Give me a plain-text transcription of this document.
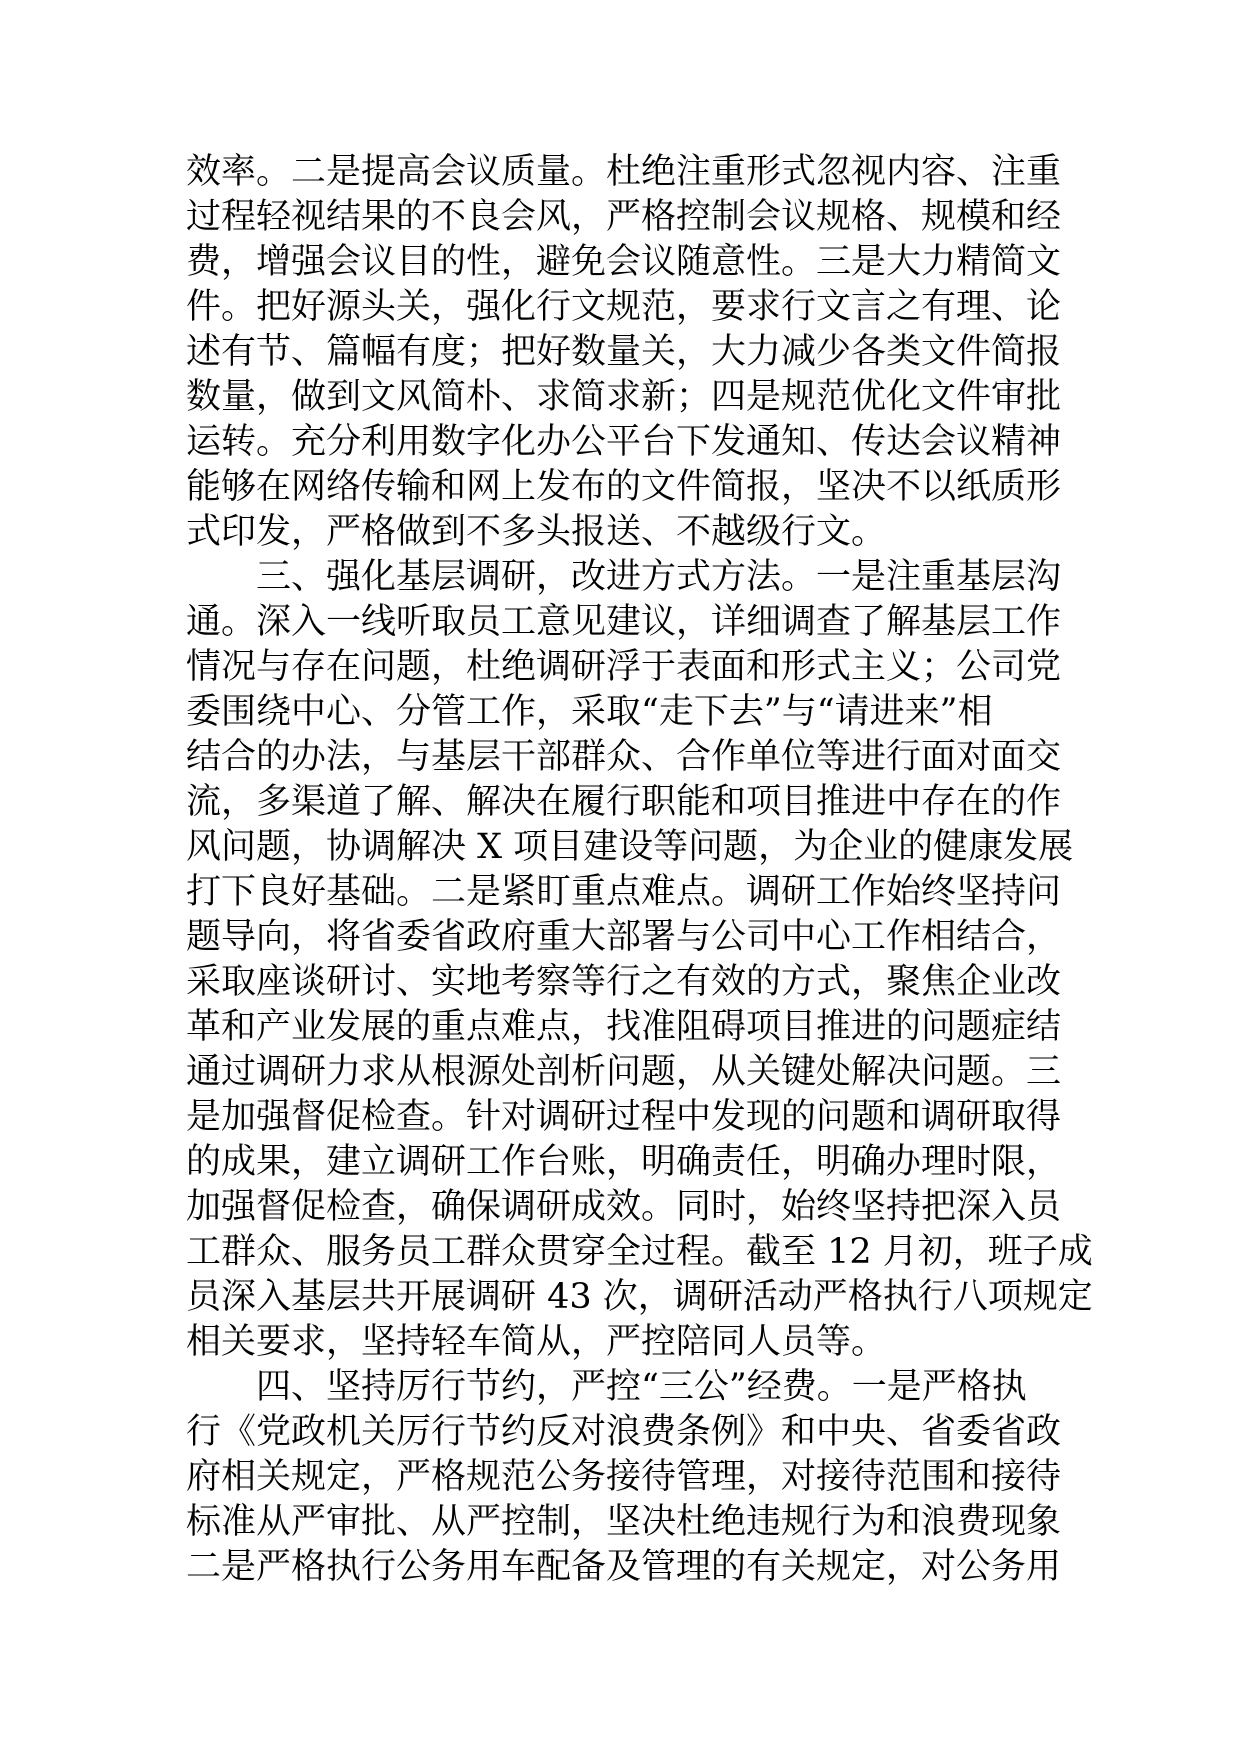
效率。二是提高会议质量。杜绝注重形式忽视内容、注重
过程轻视结果的不良会风，严格控制会议规格、规模和经
费，增强会议目的性，避免会议随意性。三是大力精简文
件。把好源头关，强化行文规范，要求行文言之有理、论
述有节、篇幅有度；把好数量关，大力减少各类文件简报
数量，做到文风简朴、求简求新；四是规范优化文件审批
运转。充分利用数字化办公平台下发通知、传达会议精神
能够在网络传输和网上发布的文件简报，坚决不以纸质形
式印发，严格做到不多头报送、不越级行文。
三、强化基层调研，改进方式方法。一是注重基层沟
通。深入一线听取员工意见建议，详细调查了解基层工作
情况与存在问题，杜绝调研浮于表面和形式主义；公司党
委围绕中心、分管工作，采取“走下去”与“请进来”相
结合的办法，与基层干部群众、合作单位等进行面对面交
流，多渠道了解、解决在履行职能和项目推进中存在的作
风问题，协调解决 X 项目建设等问题，为企业的健康发展
打下良好基础。二是紧盯重点难点。调研工作始终坚持问
题导向，将省委省政府重大部署与公司中心工作相结合，
采取座谈研讨、实地考察等行之有效的方式，聚焦企业改
革和产业发展的重点难点，找准阻碍项目推进的问题症结
通过调研力求从根源处剖析问题，从关键处解决问题。三
是加强督促检查。针对调研过程中发现的问题和调研取得
的成果，建立调研工作台账，明确责任，明确办理时限，
加强督促检查，确保调研成效。同时，始终坚持把深入员
工群众、服务员工群众贯穿全过程。截至 12 月初，班子成
员深入基层共开展调研 43 次，调研活动严格执行八项规定
相关要求，坚持轻车简从，严控陪同人员等。
四、坚持厉行节约，严控“三公”经费。一是严格执
行《党政机关厉行节约反对浪费条例》和中央、省委省政
府相关规定，严格规范公务接待管理，对接待范围和接待
标准从严审批、从严控制，坚决杜绝违规行为和浪费现象
二是严格执行公务用车配备及管理的有关规定，对公务用
